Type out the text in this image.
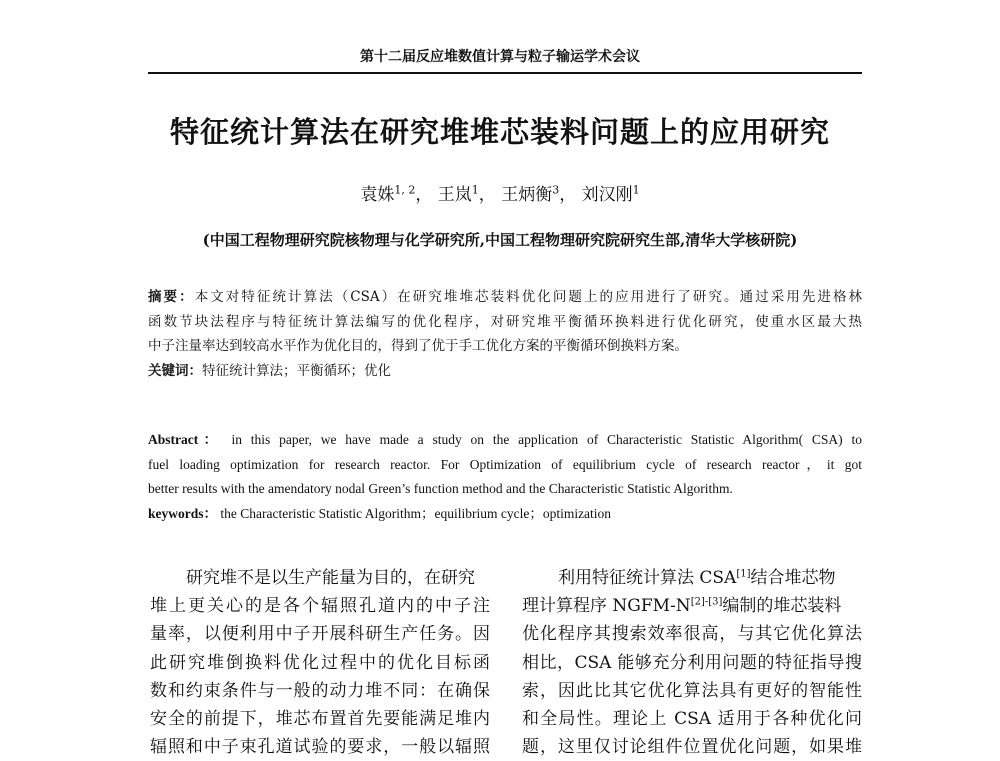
第十二届反应堆数值计算与粒子输运学术会议
特征统计算法在研究堆堆芯装料问题上的应用研究
袁姝$^{1, 2}$， 王岚$^1$， 王炳衡$^3$， 刘汉刚$^1$
(中国工程物理研究院核物理与化学研究所,中国工程物理研究院研究生部,清华大学核研院)
摘要：本文对特征统计算法（CSA）在研究堆堆芯装料优化问题上的应用进行了研究。通过采用先进格林
函数节块法程序与特征统计算法编写的优化程序，对研究堆平衡循环换料进行优化研究，使重水区最大热
中子注量率达到较高水平作为优化目的，得到了优于手工优化方案的平衡循环倒换料方案。
关键词：特征统计算法；平衡循环；优化
Abstract： in this paper, we have made a study on the application of Characteristic Statistic Algorithm( CSA) to
fuel loading optimization for research reactor. For Optimization of equilibrium cycle of research reactor，it got
better results with the amendatory nodal Green’s function method and the Characteristic Statistic Algorithm.
keywords： the Characteristic Statistic Algorithm；equilibrium cycle；optimization
研究堆不是以生产能量为目的，在研究
堆上更关心的是各个辐照孔道内的中子注
量率，以便利用中子开展科研生产任务。因
此研究堆倒换料优化过程中的优化目标函
数和约束条件与一般的动力堆不同：在确保
安全的前提下，堆芯布置首先要能满足堆内
辐照和中子束孔道试验的要求，一般以辐照
利用特征统计算法 CSA[1]结合堆芯物
理计算程序 NGFM-N[2]-[3]编制的堆芯装料
优化程序其搜索效率很高，与其它优化算法
相比，CSA 能够充分利用问题的特征指导搜
索，因此比其它优化算法具有更好的智能性
和全局性。理论上 CSA 适用于各种优化问
题，这里仅讨论组件位置优化问题，如果堆
